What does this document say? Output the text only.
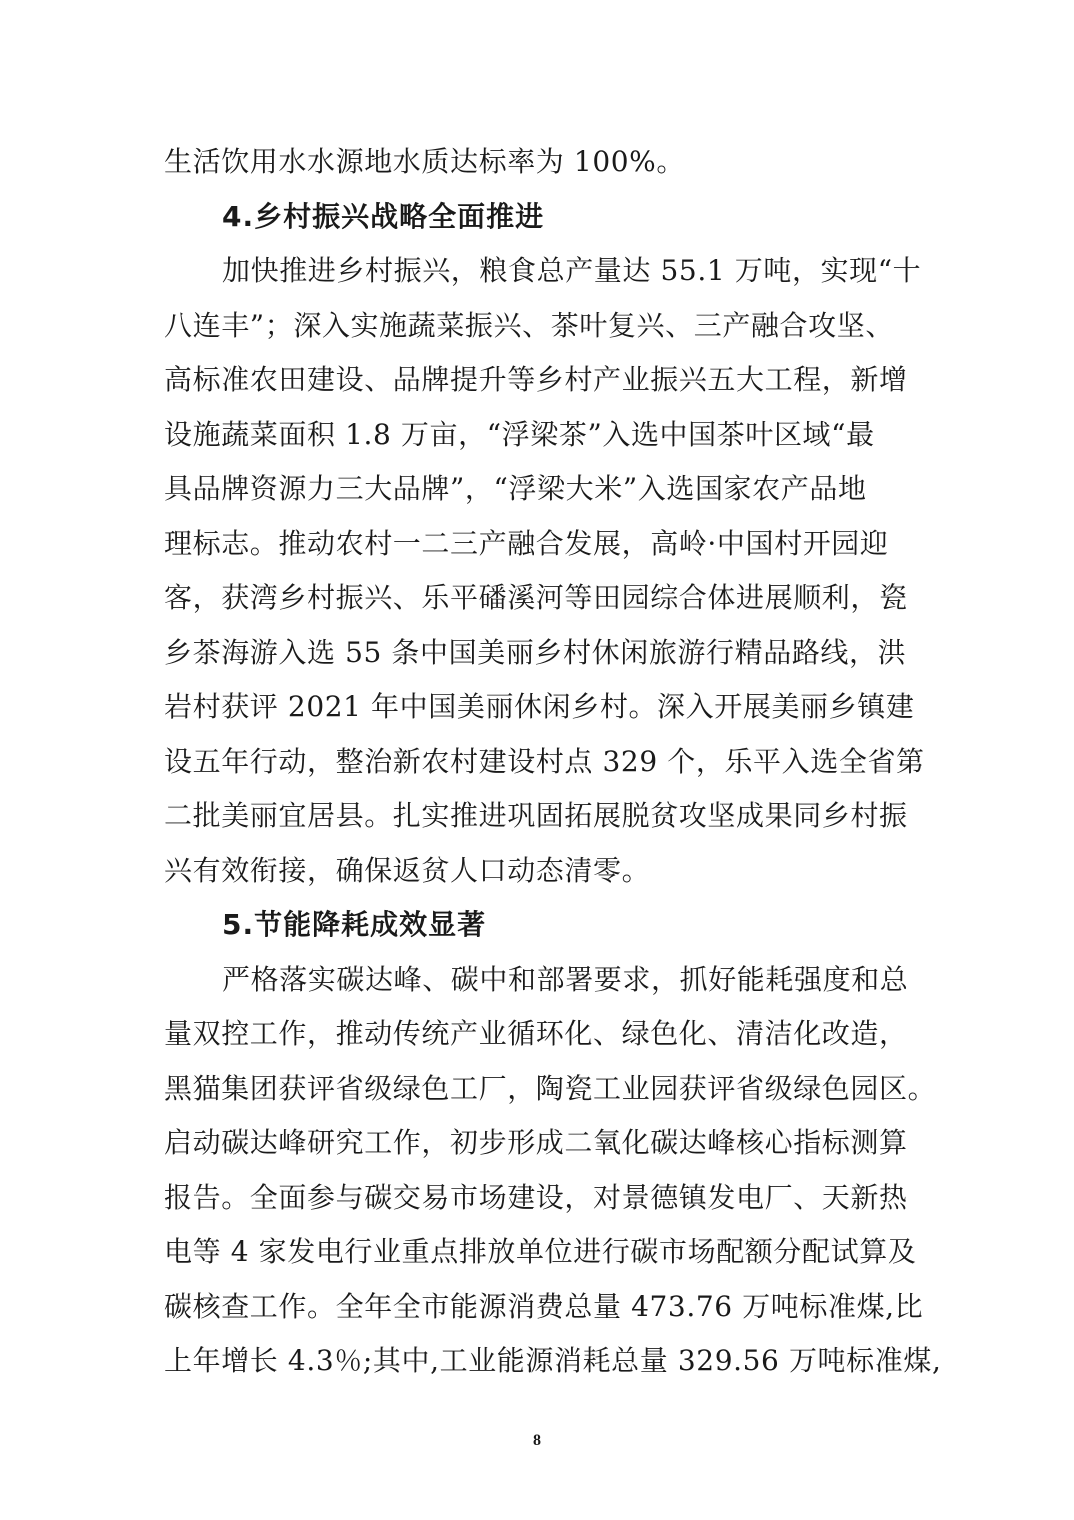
生活饮用水水源地水质达标率为 100%。
4.乡村振兴战略全面推进
加快推进乡村振兴，粮食总产量达 55.1 万吨，实现“十
八连丰”；深入实施蔬菜振兴、茶叶复兴、三产融合攻坚、
高标准农田建设、品牌提升等乡村产业振兴五大工程，新增
设施蔬菜面积 1.8 万亩，“浮梁茶”入选中国茶叶区域“最
具品牌资源力三大品牌”，“浮梁大米”入选国家农产品地
理标志。推动农村一二三产融合发展，高岭·中国村开园迎
客，获湾乡村振兴、乐平磻溪河等田园综合体进展顺利，瓷
乡茶海游入选 55 条中国美丽乡村休闲旅游行精品路线，洪
岩村获评 2021 年中国美丽休闲乡村。深入开展美丽乡镇建
设五年行动，整治新农村建设村点 329 个，乐平入选全省第
二批美丽宜居县。扎实推进巩固拓展脱贫攻坚成果同乡村振
兴有效衔接，确保返贫人口动态清零。
5.节能降耗成效显著
严格落实碳达峰、碳中和部署要求，抓好能耗强度和总
量双控工作，推动传统产业循环化、绿色化、清洁化改造，
黑猫集团获评省级绿色工厂，陶瓷工业园获评省级绿色园区。
启动碳达峰研究工作，初步形成二氧化碳达峰核心指标测算
报告。全面参与碳交易市场建设，对景德镇发电厂、天新热
电等 4 家发电行业重点排放单位进行碳市场配额分配试算及
碳核查工作。全年全市能源消费总量 473.76 万吨标准煤,比
上年增长 4.3％;其中,工业能源消耗总量 329.56 万吨标准煤,
8
